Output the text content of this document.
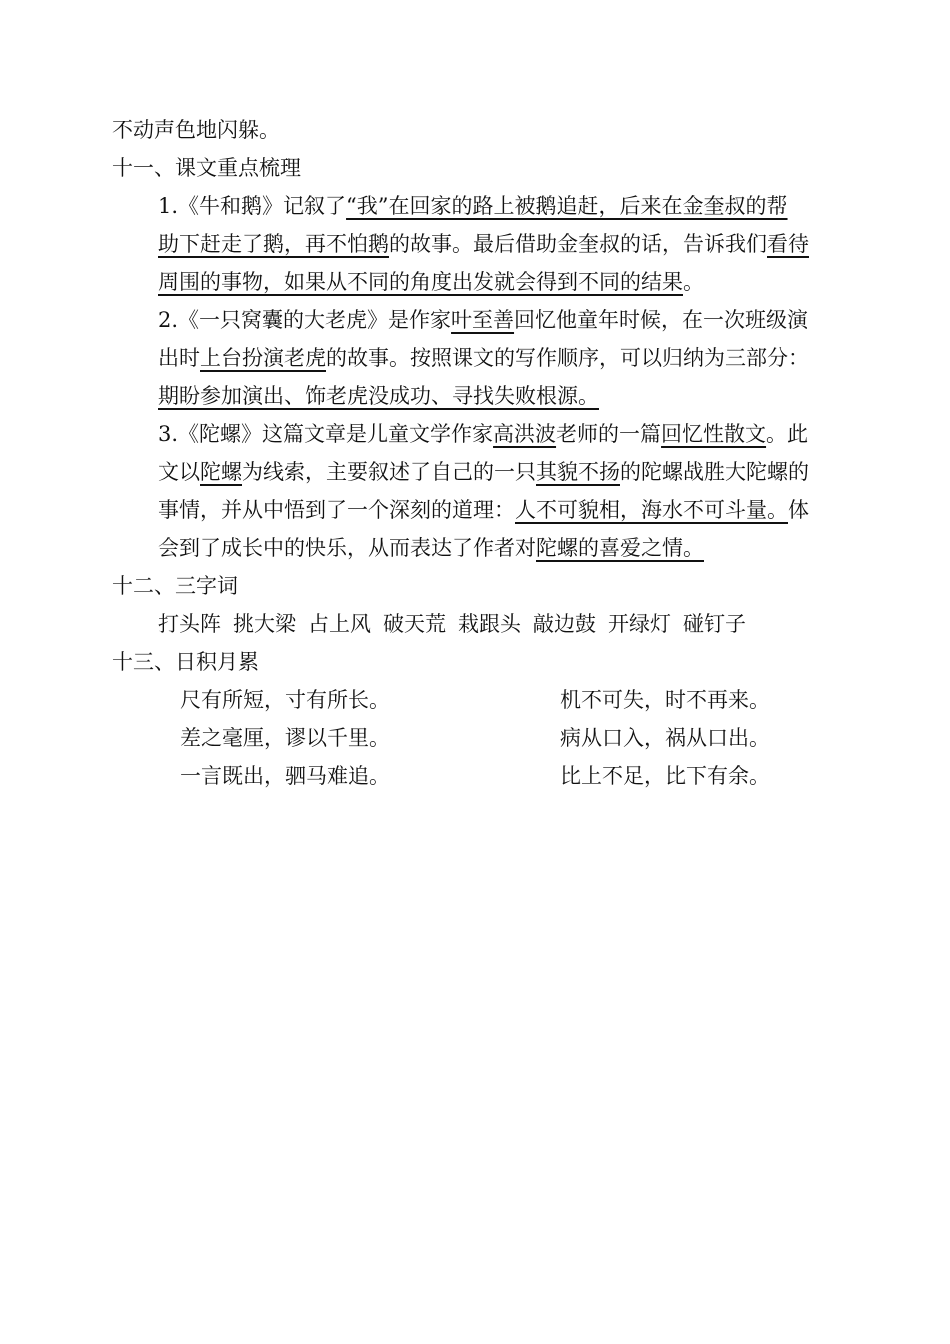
不动声色地闪躲。
十一、课文重点梳理
1.《牛和鹅》记叙了“我”在回家的路上被鹅追赶，后来在金奎叔的帮
助下赶走了鹅，再不怕鹅的故事。最后借助金奎叔的话，告诉我们看待
周围的事物，如果从不同的角度出发就会得到不同的结果。
2.《一只窝囊的大老虎》是作家叶至善回忆他童年时候，在一次班级演
出时上台扮演老虎的故事。按照课文的写作顺序，可以归纳为三部分：
期盼参加演出、饰老虎没成功、寻找失败根源。
3.《陀螺》这篇文章是儿童文学作家高洪波老师的一篇回忆性散文。此
文以陀螺为线索，主要叙述了自己的一只其貌不扬的陀螺战胜大陀螺的
事情，并从中悟到了一个深刻的道理：人不可貌相，海水不可斗量。体
会到了成长中的快乐，从而表达了作者对陀螺的喜爱之情。
十二、三字词
打头阵 挑大梁 占上风 破天荒 栽跟头 敲边鼓 开绿灯 碰钉子
十三、日积月累
尺有所短，寸有所长。	机不可失，时不再来。
差之毫厘，谬以千里。	病从口入，祸从口出。
一言既出，驷马难追。	比上不足，比下有余。
